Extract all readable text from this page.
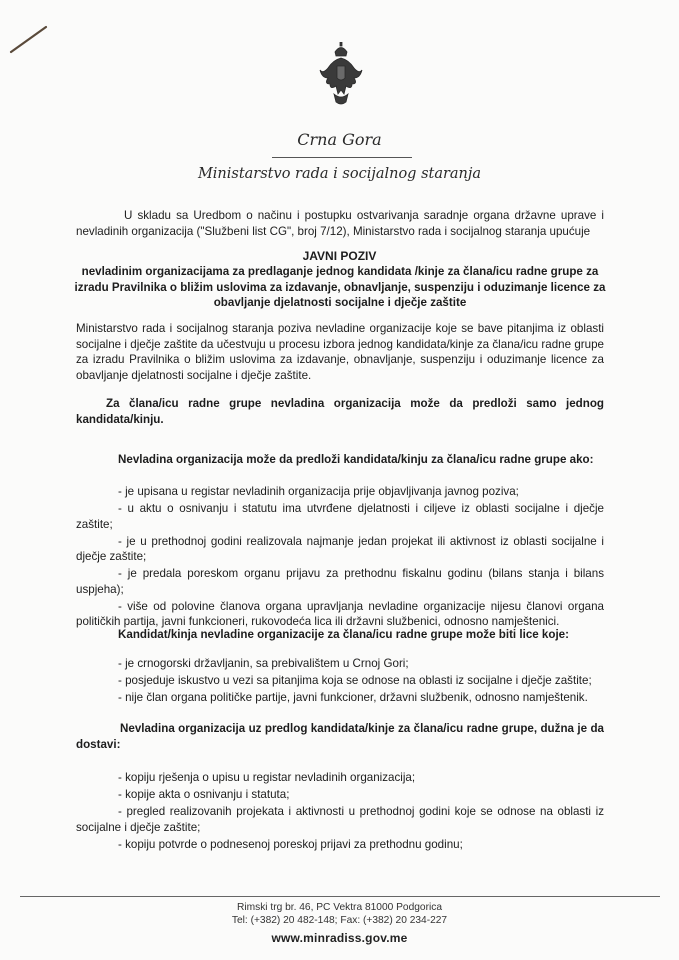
Crna Gora
Ministarstvo rada i socijalnog staranja
U skladu sa Uredbom o načinu i postupku ostvarivanja saradnje organa državne uprave i nevladinih organizacija ("Službeni list CG", broj 7/12), Ministarstvo rada i socijalnog staranja upućuje
JAVNI POZIV
nevladinim organizacijama za predlaganje jednog kandidata /kinje za člana/icu radne grupe za izradu Pravilnika o bližim uslovima za izdavanje, obnavljanje, suspenziju i oduzimanje licence za obavljanje djelatnosti socijalne i dječje zaštite
Ministarstvo rada i socijalnog staranja poziva nevladine organizacije koje se bave pitanjima iz oblasti socijalne i dječje zaštite da učestvuju u procesu izbora jednog kandidata/kinje za člana/icu radne grupe za izradu Pravilnika o bližim uslovima za izdavanje, obnavljanje, suspenziju i oduzimanje licence za obavljanje djelatnosti socijalne i dječje zaštite.
Za člana/icu radne grupe nevladina organizacija može da predloži samo jednog kandidata/kinju.
Nevladina organizacija može da predloži kandidata/kinju za člana/icu radne grupe ako:

- je upisana u registar nevladinih organizacija prije objavljivanja javnog poziva;

- u aktu o osnivanju i statutu ima utvrđene djelatnosti i ciljeve iz oblasti socijalne i dječje zaštite;

- je u prethodnoj godini realizovala najmanje jedan projekat ili aktivnost iz oblasti socijalne i dječje zaštite;

- je predala poreskom organu prijavu za prethodnu fiskalnu godinu (bilans stanja i bilans uspjeha);

- više od polovine članova organa upravljanja nevladine organizacije nijesu članovi organa političkih partija, javni funkcioneri, rukovodeća lica ili državni službenici, odnosno namještenici.

Kandidat/kinja nevladine organizacije za člana/icu radne grupe može biti lice koje:

- je crnogorski državljanin, sa prebivalištem u Crnoj Gori;

- posjeduje iskustvo u vezi sa pitanjima koja se odnose na oblasti iz socijalne i dječje zaštite;

- nije član organa političke partije, javni funkcioner, državni službenik, odnosno namještenik.

Nevladina organizacija uz predlog kandidata/kinje za člana/icu radne grupe, dužna je da dostavi:

- kopiju rješenja o upisu u registar nevladinih organizacija;

- kopije akta o osnivanju i statuta;

- pregled realizovanih projekata i aktivnosti u prethodnoj godini koje se odnose na oblasti iz socijalne i dječje zaštite;

- kopiju potvrde o podnesenoj poreskoj prijavi za prethodnu godinu;

Rimski trg br. 46, PC Vektra 81000 Podgorica
Tel: (+382) 20 482-148; Fax: (+382) 20 234-227
www.minradiss.gov.me
